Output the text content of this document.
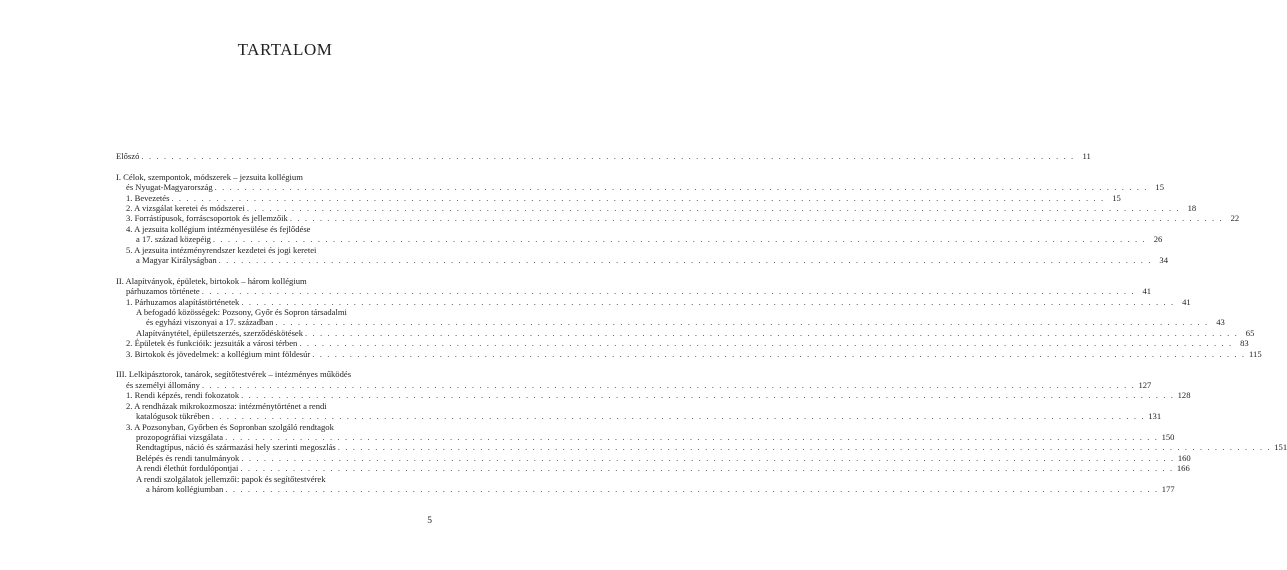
TARTALOM
Előszó . . .	11
I. Célok, szempontok, módszerek – jezsuita kollégium
és Nyugat-Magyarország . . .	15
1. Bevezetés . . .	15
2. A vizsgálat keretei és módszerei . . .	18
3. Forrástípusok, forráscsoportok és jellemzőik . . .	22
4. A jezsuita kollégium intézményesülése és fejlődése
a 17. század közepéig . . .	26
5. A jezsuita intézményrendszer kezdetei és jogi keretei
a Magyar Királyságban . . .	34
II. Alapítványok, épületek, birtokok – három kollégium
párhuzamos története . . .	41
1. Párhuzamos alapítástörténetek . . .	41
A befogadó közösségek: Pozsony, Győr és Sopron társadalmi
és egyházi viszonyai a 17. században . . .	43
Alapítványtétel, épületszerzés, szerződéskötések . . .	65
2. Épületek és funkcióik: jezsuiták a városi térben . . .	83
3. Birtokok és jövedelmek: a kollégium mint földesúr . . .	115
III. Lelkipásztorok, tanárok, segítőtestvérek – intézményes működés
és személyi állomány . . .	127
1. Rendi képzés, rendi fokozatok . . .	128
2. A rendházak mikrokozmosza: intézménytörténet a rendi
katalógusok tükrében . . .	131
3. A Pozsonyban, Győrben és Sopronban szolgáló rendtagok
prozopográfiai vizsgálata . . .	150
Rendtagtípus, náció és származási hely szerinti megoszlás . . .	151
Belépés és rendi tanulmányok . . .	160
A rendi élethút fordulópontjai . . .	166
A rendi szolgálatok jellemzői: papok és segítőtestvérek
a három kollégiumban . . .	177
5
